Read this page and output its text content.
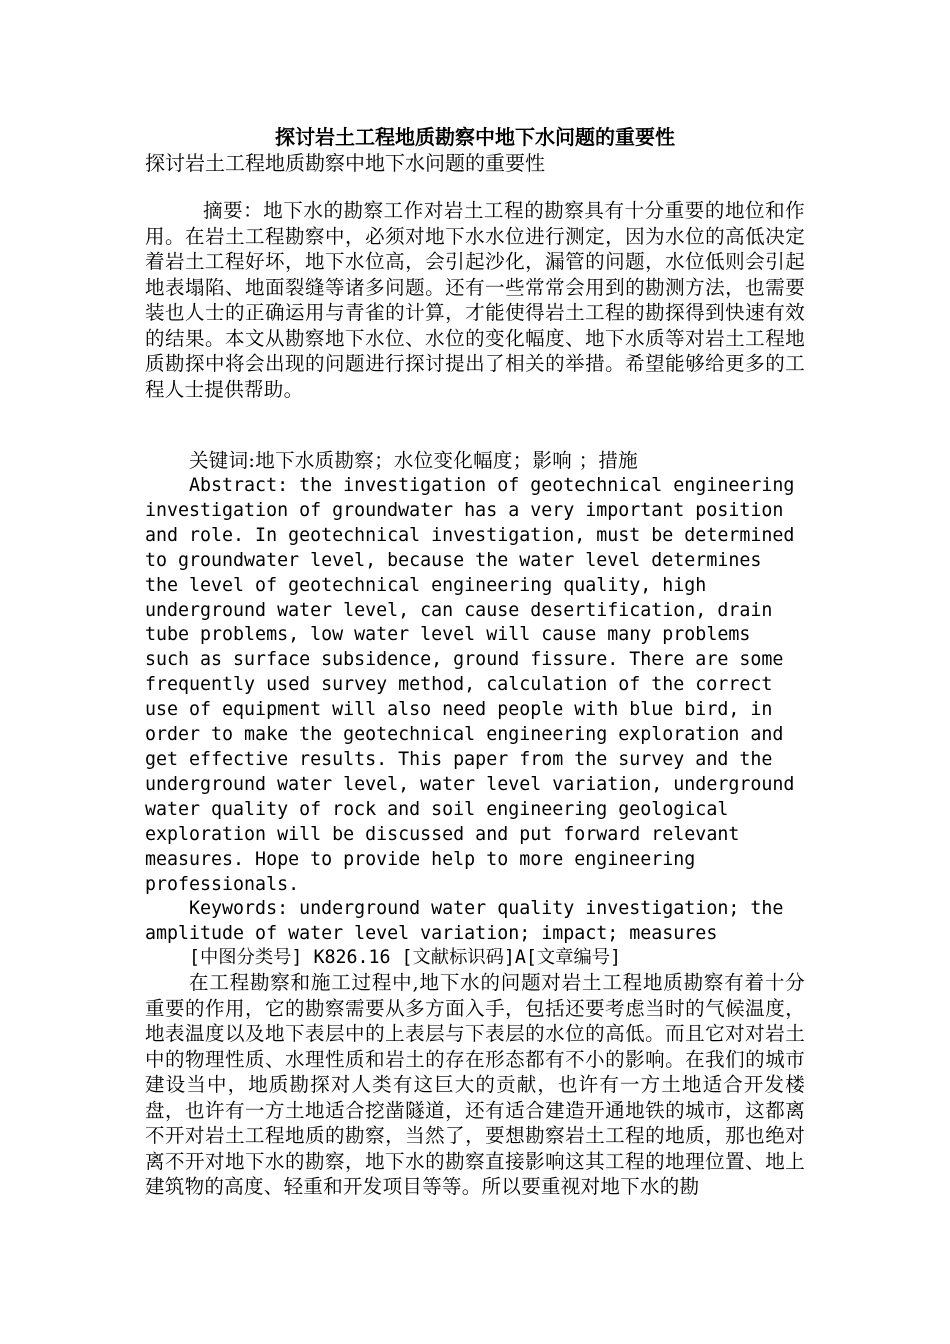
探讨岩土工程地质勘察中地下水问题的重要性
探讨岩土工程地质勘察中地下水问题的重要性

摘要：地下水的勘察工作对岩土工程的勘察具有十分重要的地位和作用。在岩土工程勘察中，必须对地下水水位进行测定，因为水位的高低决定着岩土工程好坏，地下水位高，会引起沙化，漏管的问题，水位低则会引起地表塌陷、地面裂缝等诸多问题。还有一些常常会用到的勘测方法，也需要装也人士的正确运用与青雀的计算，才能使得岩土工程的勘探得到快速有效的结果。本文从勘察地下水位、水位的变化幅度、地下水质等对岩土工程地质勘探中将会出现的问题进行探讨提出了相关的举措。希望能够给更多的工程人士提供帮助。

关键词:地下水质勘察；水位变化幅度；影响 ；措施

Abstract: the investigation of geotechnical engineering
investigation of groundwater has a very important position
and role. In geotechnical investigation, must be determined
to groundwater level, because the water level determines
the level of geotechnical engineering quality, high
underground water level, can cause desertification, drain
tube problems, low water level will cause many problems
such as surface subsidence, ground fissure. There are some
frequently used survey method, calculation of the correct
use of equipment will also need people with blue bird, in
order to make the geotechnical engineering exploration and
get effective results. This paper from the survey and the
underground water level, water level variation, underground
water quality of rock and soil engineering geological
exploration will be discussed and put forward relevant
measures. Hope to provide help to more engineering
professionals.

Keywords: underground water quality investigation; the
amplitude of water level variation; impact; measures

[中图分类号] K826.16 [文献标识码]A[文章编号]

在工程勘察和施工过程中,地下水的问题对岩土工程地质勘察有着十分重要的作用，它的勘察需要从多方面入手，包括还要考虑当时的气候温度，地表温度以及地下表层中的上表层与下表层的水位的高低。而且它对对岩土中的物理性质、水理性质和岩土的存在形态都有不小的影响。在我们的城市建设当中，地质勘探对人类有这巨大的贡献，也许有一方土地适合开发楼盘，也许有一方土地适合挖凿隧道，还有适合建造开通地铁的城市，这都离不开对岩土工程地质的勘察，当然了，要想勘察岩土工程的地质，那也绝对离不开对地下水的勘察，地下水的勘察直接影响这其工程的地理位置、地上建筑物的高度、轻重和开发项目等等。所以要重视对地下水的勘
